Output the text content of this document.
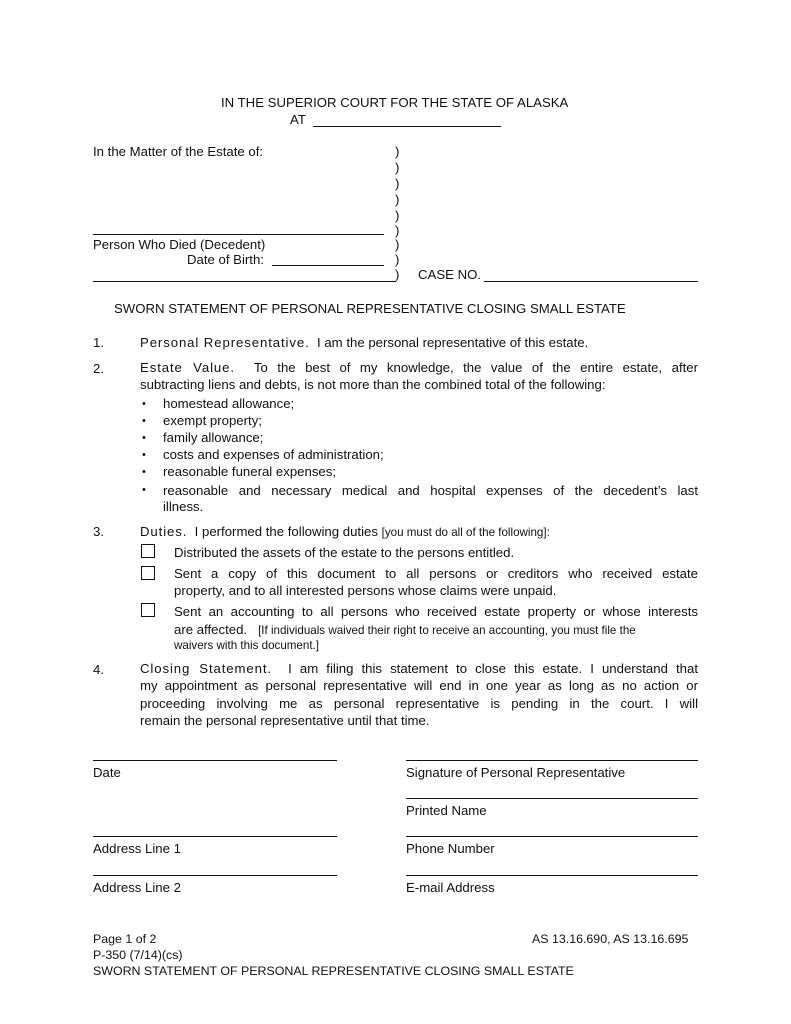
IN THE SUPERIOR COURT FOR THE STATE OF ALASKA
AT
In the Matter of the Estate of:	)
)
)
)
)
)
)
)
)
Person Who Died (Decedent)
Date of Birth:
CASE NO.
SWORN STATEMENT OF PERSONAL REPRESENTATIVE CLOSING SMALL ESTATE
1.	Personal Representative. I am the personal representative of this estate.
2.	Estate Value. To the best of my knowledge, the value of the entire estate, after
subtracting liens and debts, is not more than the combined total of the following:
• homestead allowance;
• exempt property;
• family allowance;
• costs and expenses of administration;
• reasonable funeral expenses;
• reasonable and necessary medical and hospital expenses of the decedent’s last
illness.
3.	Duties. I performed the following duties [you must do all of the following]:
Distributed the assets of the estate to the persons entitled.
Sent a copy of this document to all persons or creditors who received estate
property, and to all interested persons whose claims were unpaid.
Sent an accounting to all persons who received estate property or whose interests
are affected. [If individuals waived their right to receive an accounting, you must file the
waivers with this document.]
4.	Closing Statement. I am filing this statement to close this estate. I understand that
my appointment as personal representative will end in one year as long as no action or
proceeding involving me as personal representative is pending in the court. I will
remain the personal representative until that time.
Date	Signature of Personal Representative
Printed Name
Address Line 1	Phone Number
Address Line 2	E-mail Address
Page 1 of 2	AS 13.16.690, AS 13.16.695
P-350 (7/14)(cs)
SWORN STATEMENT OF PERSONAL REPRESENTATIVE CLOSING SMALL ESTATE
